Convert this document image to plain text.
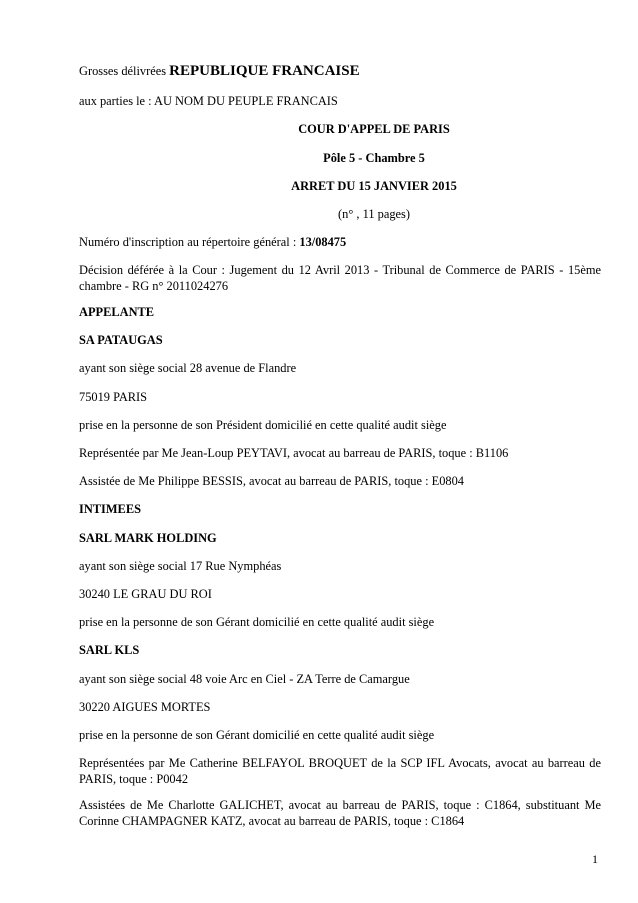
Grosses délivrées REPUBLIQUE FRANCAISE
aux parties le : AU NOM DU PEUPLE FRANCAIS
COUR D'APPEL DE PARIS
Pôle 5 - Chambre 5
ARRET DU 15 JANVIER 2015
(n° , 11 pages)
Numéro d'inscription au répertoire général : 13/08475
Décision déférée à la Cour : Jugement du 12 Avril 2013 - Tribunal de Commerce de PARIS - 15ème chambre - RG n° 2011024276
APPELANTE
SA PATAUGAS
ayant son siège social 28 avenue de Flandre
75019 PARIS
prise en la personne de son Président domicilié en cette qualité audit siège
Représentée par Me Jean-Loup PEYTAVI, avocat au barreau de PARIS, toque : B1106
Assistée de Me Philippe BESSIS, avocat au barreau de PARIS, toque : E0804
INTIMEES
SARL MARK HOLDING
ayant son siège social 17 Rue Nymphéas
30240 LE GRAU DU ROI
prise en la personne de son Gérant domicilié en cette qualité audit siège
SARL KLS
ayant son siège social 48 voie Arc en Ciel - ZA Terre de Camargue
30220 AIGUES MORTES
prise en la personne de son Gérant domicilié en cette qualité audit siège
Représentées par Me Catherine BELFAYOL BROQUET de la SCP IFL Avocats, avocat au barreau de PARIS, toque : P0042
Assistées de Me Charlotte GALICHET, avocat au barreau de PARIS, toque : C1864, substituant Me Corinne CHAMPAGNER KATZ, avocat au barreau de PARIS, toque : C1864
1
